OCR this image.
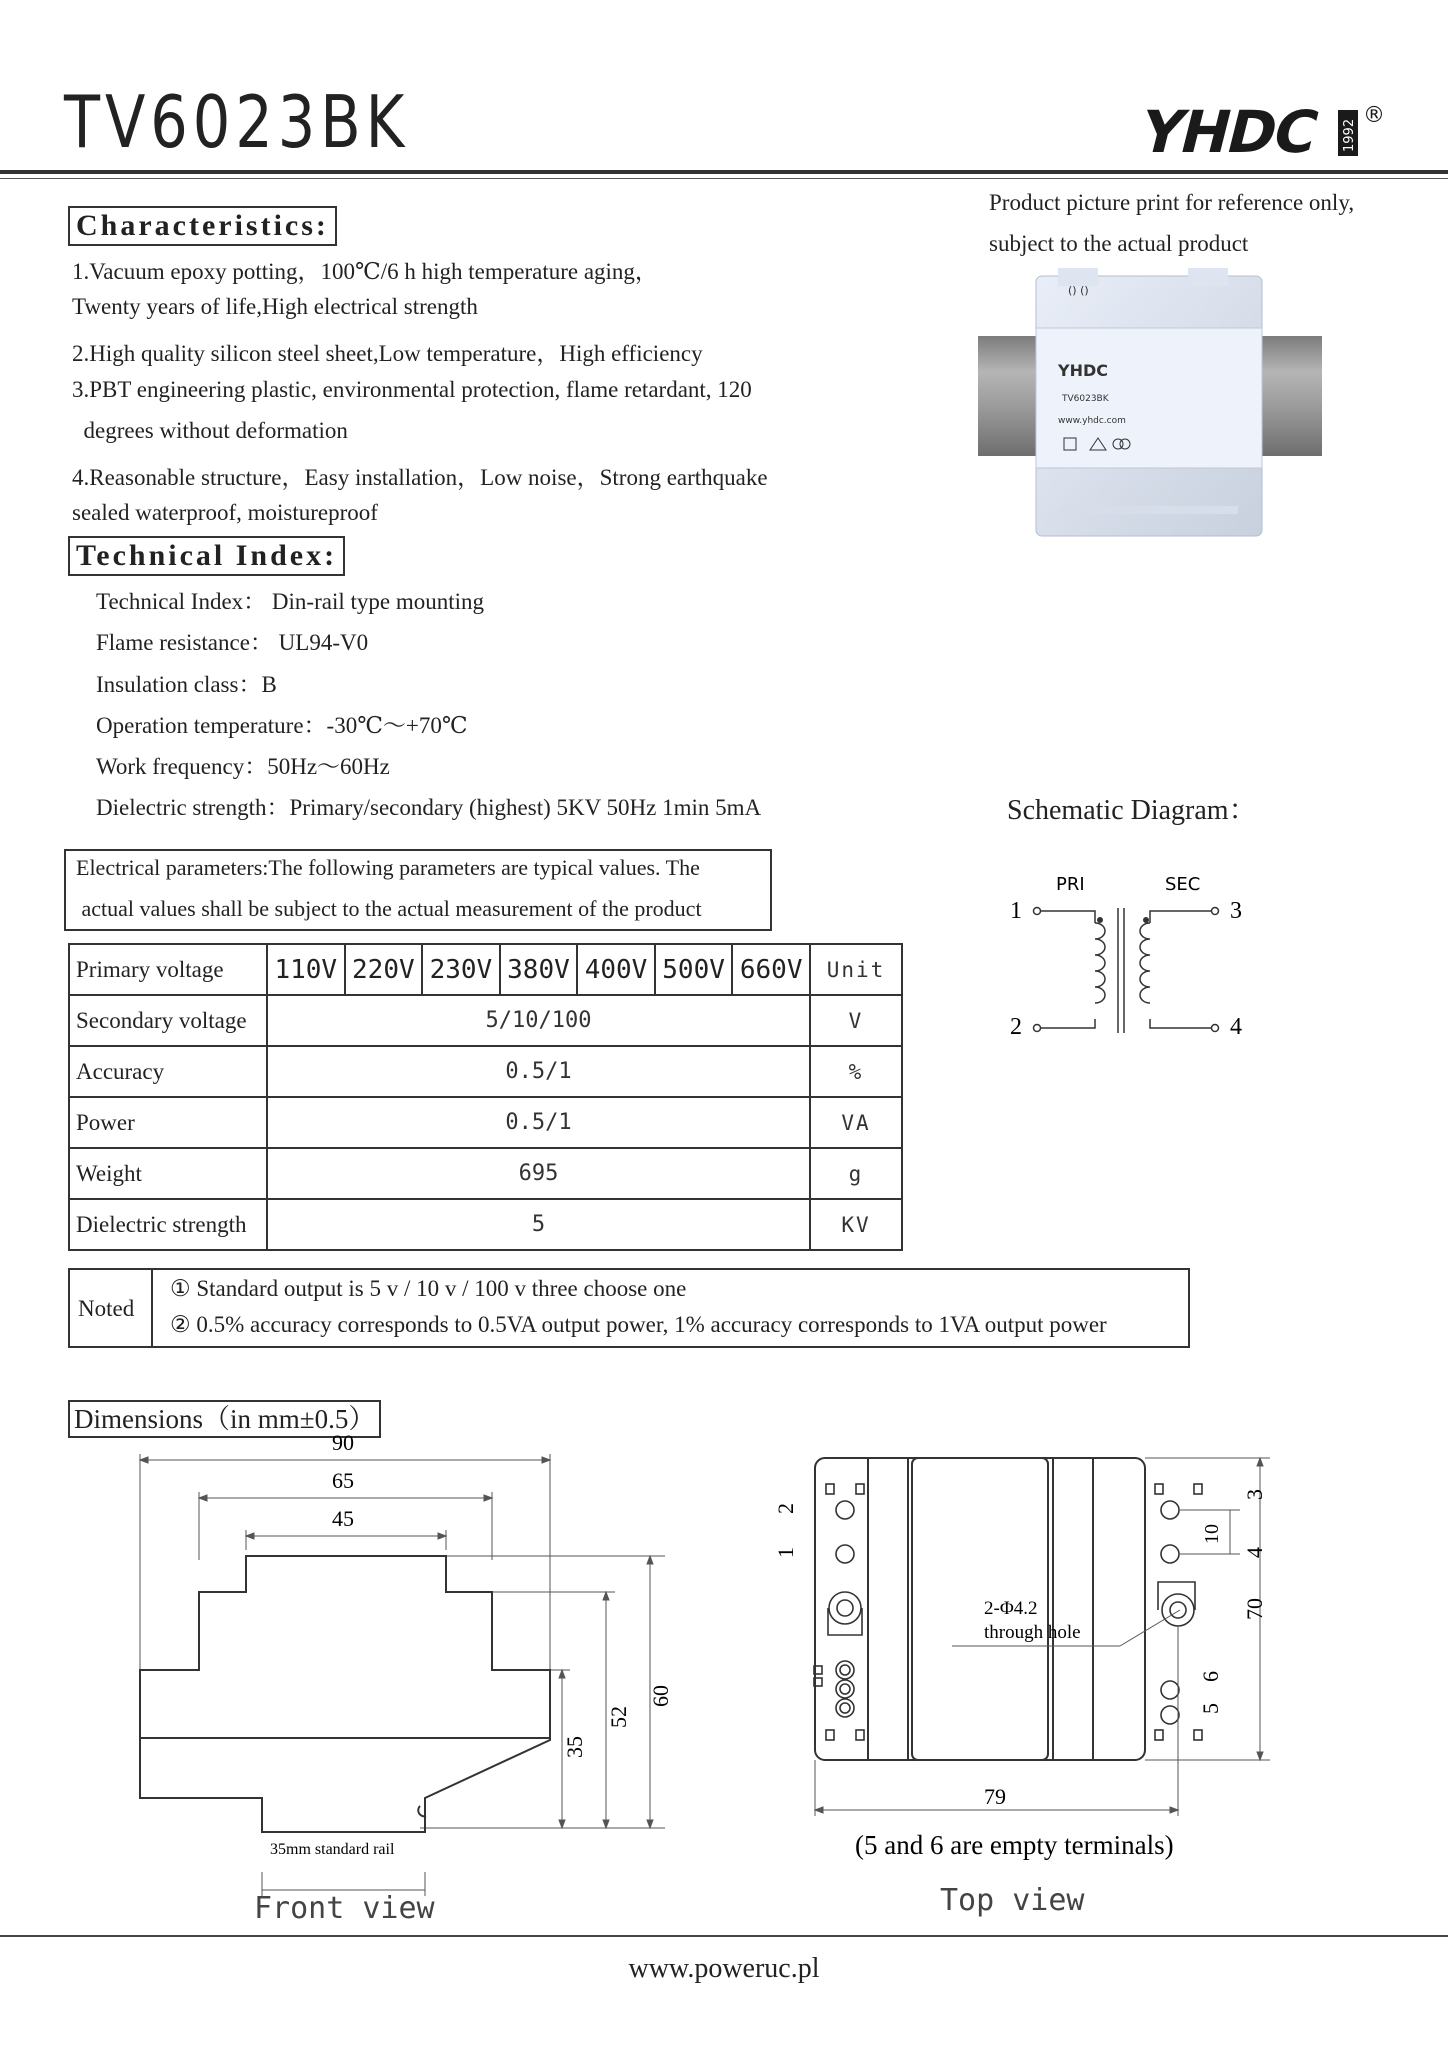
TV6023BK	YHDC 1992
®
Product picture print for reference only,
subject to the actual product
() ()
YHDC
TV6023BK
www.yhdc.com
Characteristics:
1.Vacuum epoxy potting，100℃/6 h high temperature aging，
Twenty years of life,High electrical strength
2.High quality silicon steel sheet,Low temperature，High efficiency
3.PBT engineering plastic, environmental protection, flame retardant, 120
degrees without deformation
4.Reasonable structure，Easy installation，Low noise，Strong earthquake
sealed waterproof, moistureproof
Technical Index:
Technical Index： Din-rail type mounting
Flame resistance： UL94-V0
Insulation class：B
Operation temperature：-30℃～+70℃
Work frequency：50Hz～60Hz
Dielectric strength：Primary/secondary (highest) 5KV 50Hz 1min 5mA	Schematic Diagram：
PRI	SEC
1
2
3
4
Electrical parameters:The following parameters are typical values. The
actual values shall be subject to the actual measurement of the product
Primary voltage	110V	220V	230V	380V	400V	500V	660V	Unit
Secondary voltage	5/10/100							V
Accuracy	0.5/1							%
Power	0.5/1							VA
Weight	695							g
Dielectric strength	5							KV
Noted
① Standard output is 5 v / 10 v / 100 v three choose one
② 0.5% accuracy corresponds to 0.5VA output power, 1% accuracy corresponds to 1VA output power
Dimensions（in mm±0.5）
90
65
45
60
52
35
35mm standard rail
Front view
2
1
3
4
10
70
6
5
2-Φ4.2
through hole
79
(5 and 6 are empty terminals)
Top view
www.poweruc.pl
